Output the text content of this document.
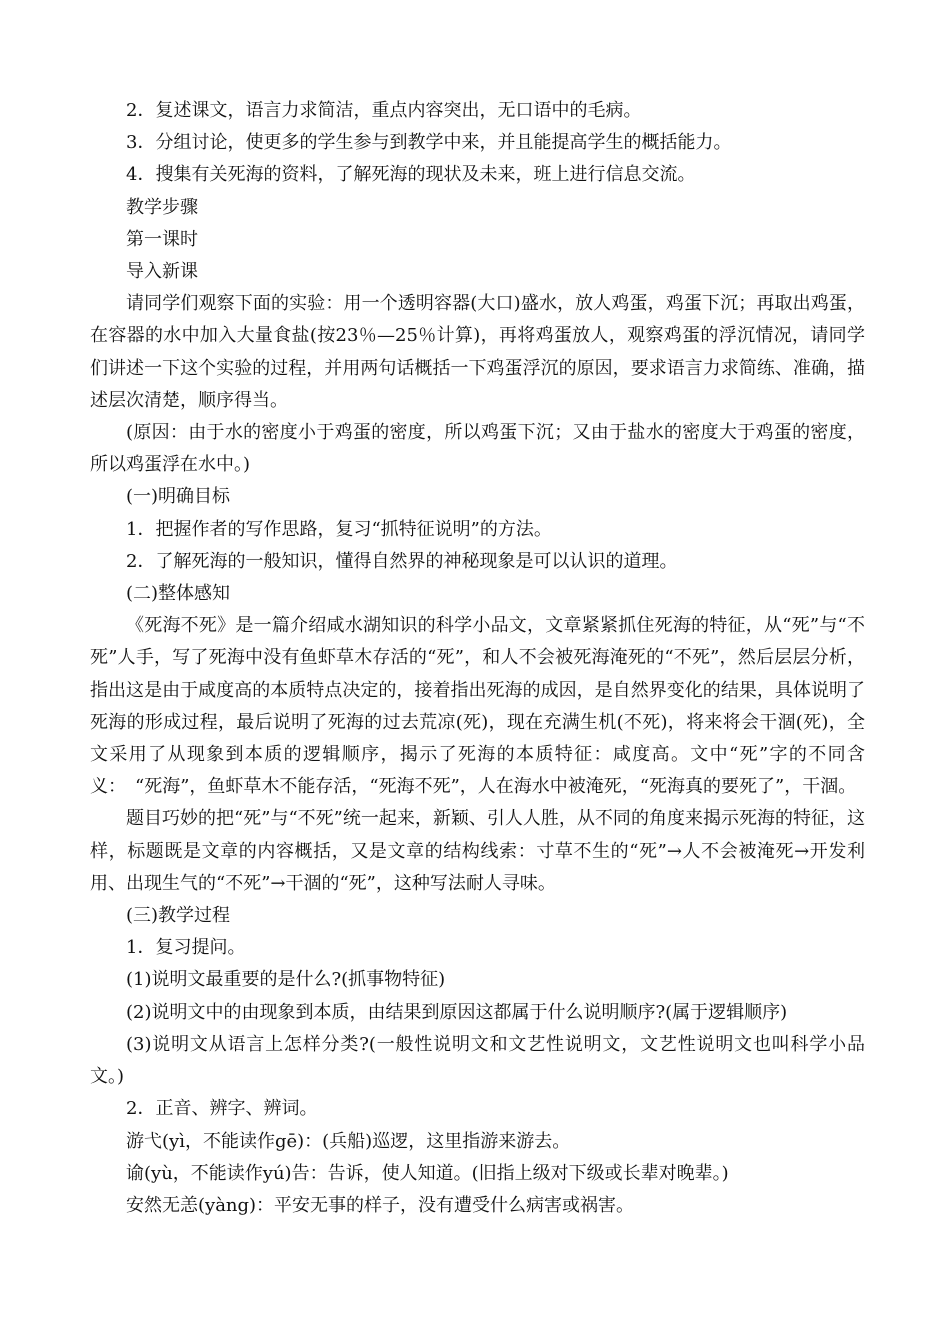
2．复述课文，语言力求简洁，重点内容突出，无口语中的毛病。

3．分组讨论，使更多的学生参与到教学中来，并且能提高学生的概括能力。

4．搜集有关死海的资料，了解死海的现状及未来，班上进行信息交流。

教学步骤

第一课时

导入新课

请同学们观察下面的实验：用一个透明容器(大口)盛水，放人鸡蛋，鸡蛋下沉；再取出鸡蛋，在容器的水中加入大量食盐(按23％—25％计算)，再将鸡蛋放人，观察鸡蛋的浮沉情况，请同学们讲述一下这个实验的过程，并用两句话概括一下鸡蛋浮沉的原因，要求语言力求简练、准确，描述层次清楚，顺序得当。

(原因：由于水的密度小于鸡蛋的密度，所以鸡蛋下沉；又由于盐水的密度大于鸡蛋的密度，所以鸡蛋浮在水中。)

(一)明确目标

1．把握作者的写作思路，复习“抓特征说明”的方法。

2．了解死海的一般知识，懂得自然界的神秘现象是可以认识的道理。

(二)整体感知

《死海不死》是一篇介绍咸水湖知识的科学小品文，文章紧紧抓住死海的特征，从“死”与“不死”人手，写了死海中没有鱼虾草木存活的“死”，和人不会被死海淹死的“不死”，然后层层分析，指出这是由于咸度高的本质特点决定的，接着指出死海的成因，是自然界变化的结果，具体说明了死海的形成过程，最后说明了死海的过去荒凉(死)，现在充满生机(不死)，将来将会干涸(死)，全文采用了从现象到本质的逻辑顺序，揭示了死海的本质特征：咸度高。文中“死”字的不同含义：　“死海”，鱼虾草木不能存活，“死海不死”，人在海水中被淹死，“死海真的要死了”，干涸。

题目巧妙的把“死”与“不死”统一起来，新颖、引人人胜，从不同的角度来揭示死海的特征，这样，标题既是文章的内容概括，又是文章的结构线索：寸草不生的“死”→人不会被淹死→开发利用、出现生气的“不死”→干涸的“死”，这种写法耐人寻味。

(三)教学过程

1．复习提问。

(1)说明文最重要的是什么?(抓事物特征)

(2)说明文中的由现象到本质，由结果到原因这都属于什么说明顺序?(属于逻辑顺序)

(3)说明文从语言上怎样分类?(一般性说明文和文艺性说明文，文艺性说明文也叫科学小品文。)

2．正音、辨字、辨词。

游弋(yì，不能读作gē)：(兵船)巡逻，这里指游来游去。

谕(yù，不能读作yú)告：告诉，使人知道。(旧指上级对下级或长辈对晚辈。)

安然无恙(yàng)：平安无事的样子，没有遭受什么病害或祸害。
